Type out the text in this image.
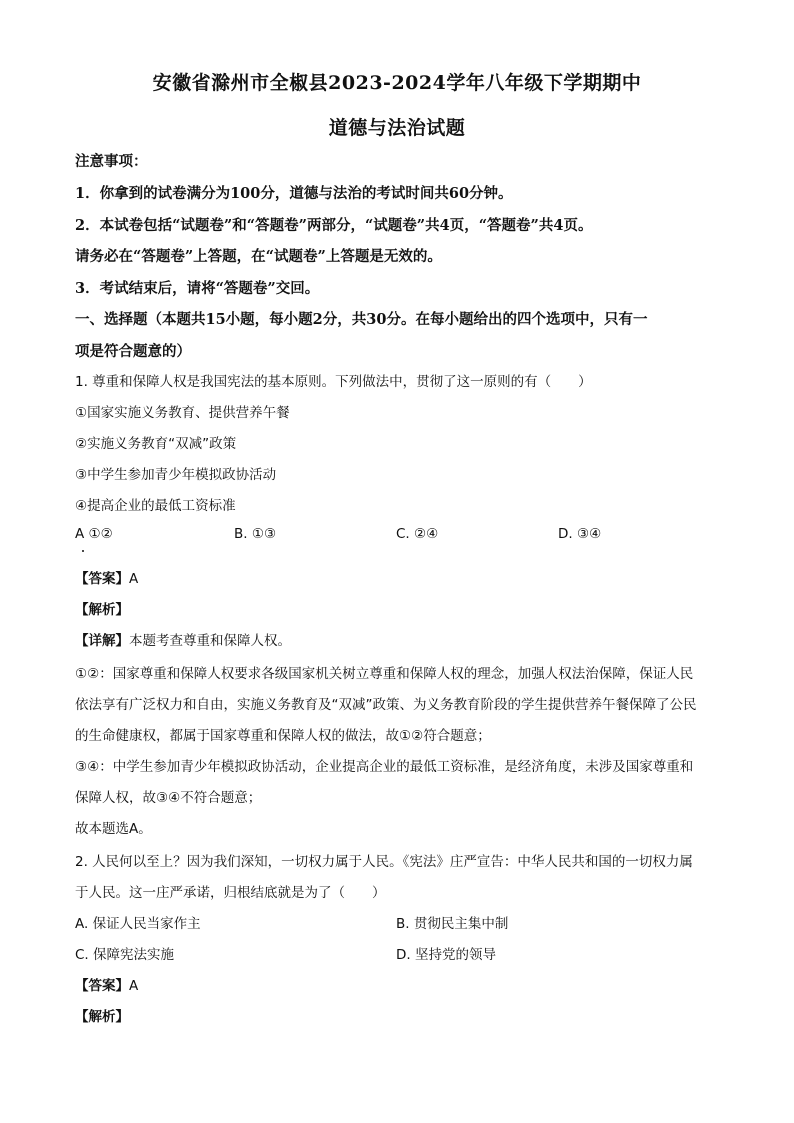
安徽省滁州市全椒县2023-2024学年八年级下学期期中
道德与法治试题
注意事项：
1．你拿到的试卷满分为100分，道德与法治的考试时间共60分钟。
2．本试卷包括“试题卷”和“答题卷”两部分，“试题卷”共4页，“答题卷”共4页。
请务必在“答题卷”上答题，在“试题卷”上答题是无效的。
3．考试结束后，请将“答题卷”交回。
一、选择题（本题共15小题，每小题2分，共30分。在每小题给出的四个选项中，只有一
项是符合题意的）
1. 尊重和保障人权是我国宪法的基本原则。下列做法中，贯彻了这一原则的有（　　）
①国家实施义务教育、提供营养午餐
②实施义务教育“双减”政策
③中学生参加青少年模拟政协活动
④提高企业的最低工资标准
A ①②	B. ①③	C. ②④	D. ③④
【答案】A
【解析】
【详解】本题考查尊重和保障人权。
①②：国家尊重和保障人权要求各级国家机关树立尊重和保障人权的理念，加强人权法治保障，保证人民
依法享有广泛权力和自由，实施义务教育及“双减”政策、为义务教育阶段的学生提供营养午餐保障了公民
的生命健康权，都属于国家尊重和保障人权的做法，故①②符合题意；
③④：中学生参加青少年模拟政协活动，企业提高企业的最低工资标准，是经济角度，未涉及国家尊重和
保障人权，故③④不符合题意；
故本题选A。
2. 人民何以至上？因为我们深知，一切权力属于人民。《宪法》庄严宣告：中华人民共和国的一切权力属
于人民。这一庄严承诺，归根结底就是为了（　　）
A. 保证人民当家作主	B. 贯彻民主集中制
C. 保障宪法实施	D. 坚持党的领导
【答案】A
【解析】
